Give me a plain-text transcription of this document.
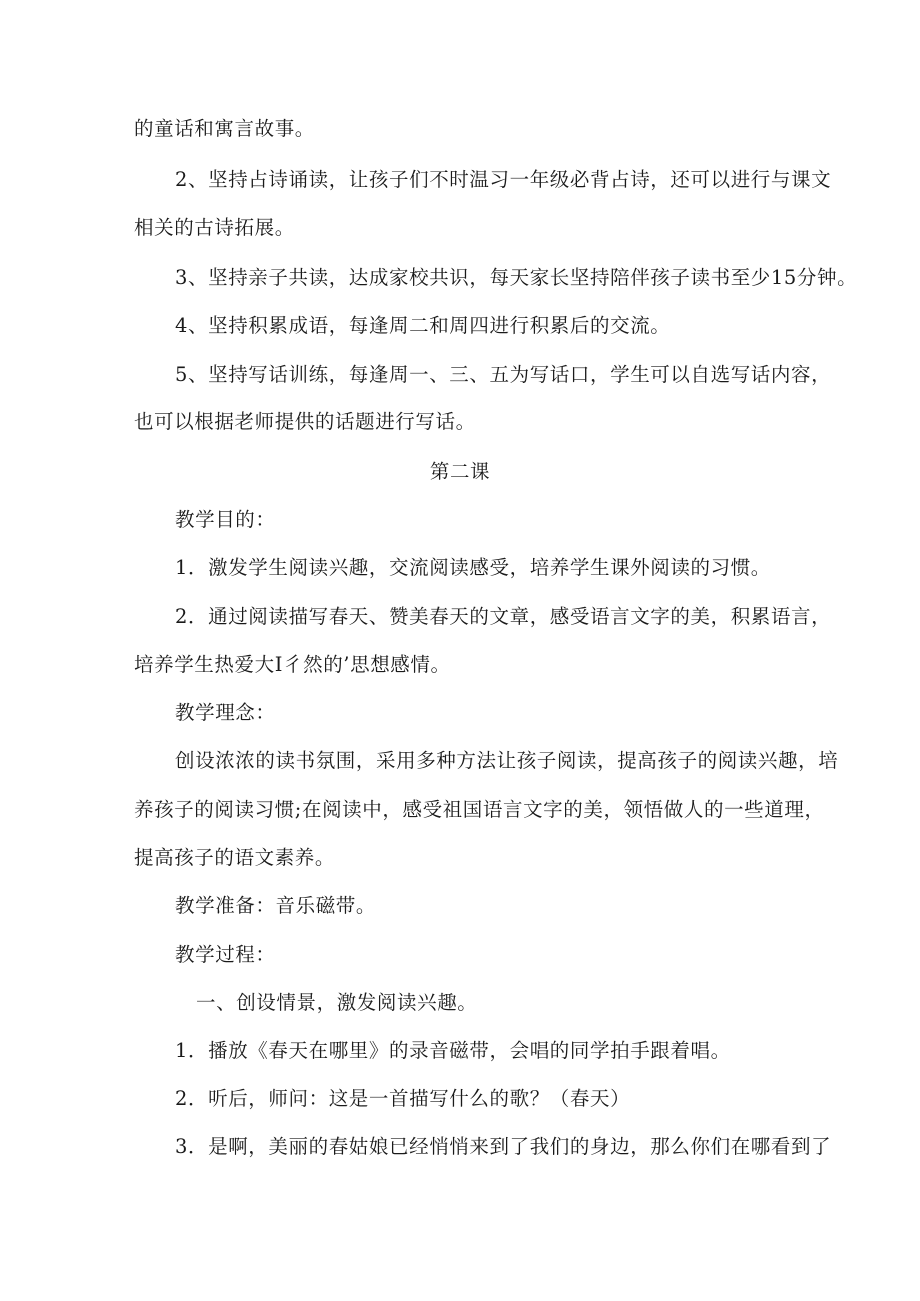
的童话和寓言故事。
2、坚持占诗诵读，让孩子们不时温习一年级必背占诗，还可以进行与课文
相关的古诗拓展。
3、坚持亲子共读，达成家校共识，每天家长坚持陪伴孩子读书至少15分钟。
4、坚持积累成语，每逢周二和周四进行积累后的交流。
5、坚持写话训练，每逢周一、三、五为写话口，学生可以自选写话内容，
也可以根据老师提供的话题进行写话。
第二课
教学目的：
1．激发学生阅读兴趣，交流阅读感受，培养学生课外阅读的习惯。
2．通过阅读描写春天、赞美春天的文章，感受语言文字的美，积累语言，
培养学生热爱大I彳然的’思想感情。
教学理念：
创设浓浓的读书氛围，采用多种方法让孩子阅读，提高孩子的阅读兴趣，培
养孩子的阅读习惯;在阅读中，感受祖国语言文字的美，领悟做人的一些道理，
提高孩子的语文素养。
教学准备：音乐磁带。
教学过程：
一、创设情景，激发阅读兴趣。
1．播放《春天在哪里》的录音磁带，会唱的同学拍手跟着唱。
2．听后，师问：这是一首描写什么的歌？（春天）
3．是啊，美丽的春姑娘已经悄悄来到了我们的身边，那么你们在哪看到了
